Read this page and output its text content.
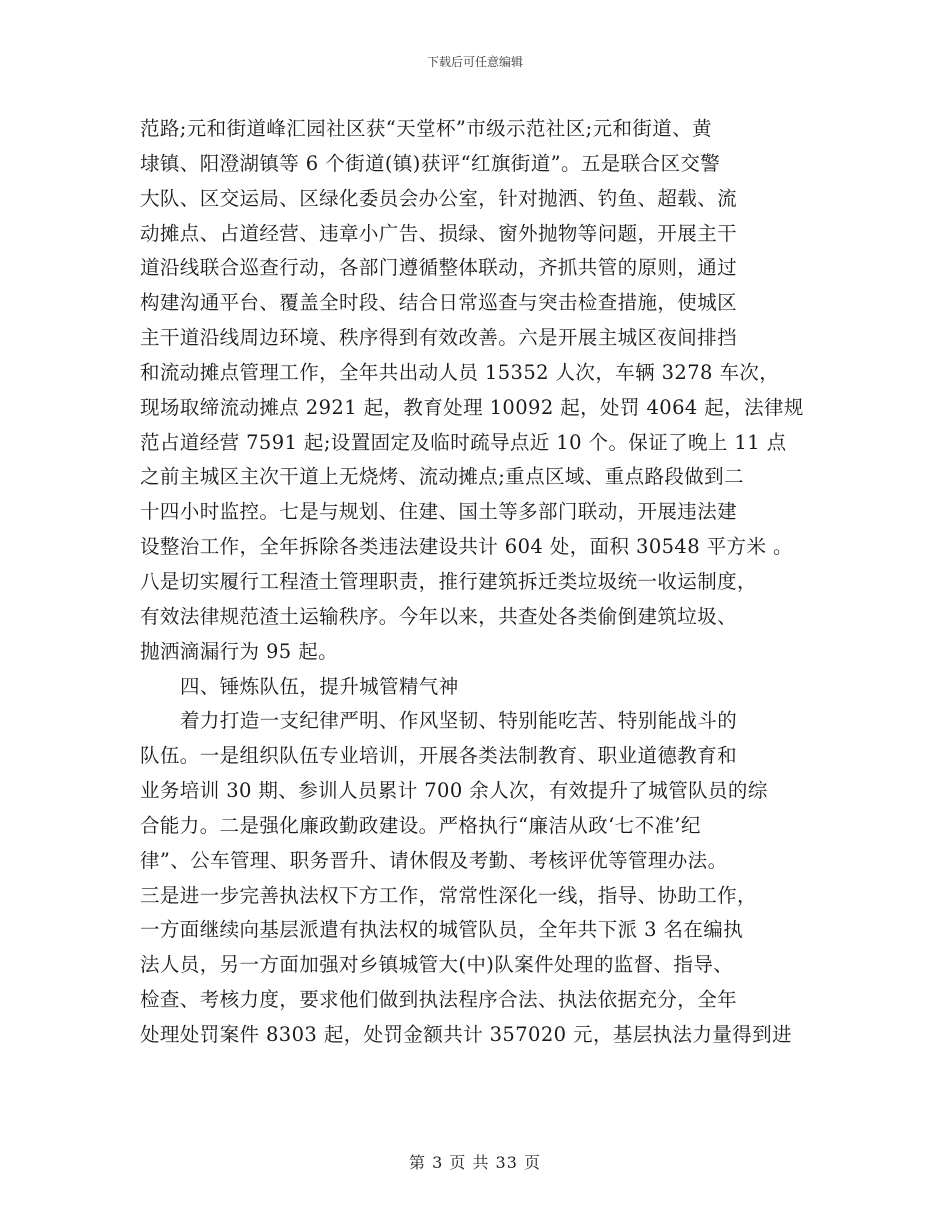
下载后可任意编辑
范路;元和街道峰汇园社区获“天堂杯”市级示范社区;元和街道、黄
埭镇、阳澄湖镇等 6 个街道(镇)获评“红旗街道”。五是联合区交警
大队、区交运局、区绿化委员会办公室，针对抛洒、钓鱼、超载、流
动摊点、占道经营、违章小广告、损绿、窗外抛物等问题，开展主干
道沿线联合巡查行动，各部门遵循整体联动，齐抓共管的原则，通过
构建沟通平台、覆盖全时段、结合日常巡查与突击检查措施，使城区
主干道沿线周边环境、秩序得到有效改善。六是开展主城区夜间排挡
和流动摊点管理工作，全年共出动人员 15352 人次，车辆 3278 车次，
现场取缔流动摊点 2921 起，教育处理 10092 起，处罚 4064 起，法律规
范占道经营 7591 起;设置固定及临时疏导点近 10 个。保证了晚上 11 点
之前主城区主次干道上无烧烤、流动摊点;重点区域、重点路段做到二
十四小时监控。七是与规划、住建、国土等多部门联动，开展违法建
设整治工作，全年拆除各类违法建设共计 604 处，面积 30548 平方米 。
八是切实履行工程渣土管理职责，推行建筑拆迁类垃圾统一收运制度，
有效法律规范渣土运输秩序。今年以来，共查处各类偷倒建筑垃圾、
抛洒滴漏行为 95 起。
四、锤炼队伍，提升城管精气神
着力打造一支纪律严明、作风坚韧、特别能吃苦、特别能战斗的
队伍。一是组织队伍专业培训，开展各类法制教育、职业道德教育和
业务培训 30 期、参训人员累计 700 余人次，有效提升了城管队员的综
合能力。二是强化廉政勤政建设。严格执行“廉洁从政‘七不准’纪
律”、公车管理、职务晋升、请休假及考勤、考核评优等管理办法。
三是进一步完善执法权下方工作，常常性深化一线，指导、协助工作，
一方面继续向基层派遣有执法权的城管队员，全年共下派 3 名在编执
法人员，另一方面加强对乡镇城管大(中)队案件处理的监督、指导、
检查、考核力度，要求他们做到执法程序合法、执法依据充分，全年
处理处罚案件 8303 起，处罚金额共计 357020 元，基层执法力量得到进
第 3 页 共 33 页
